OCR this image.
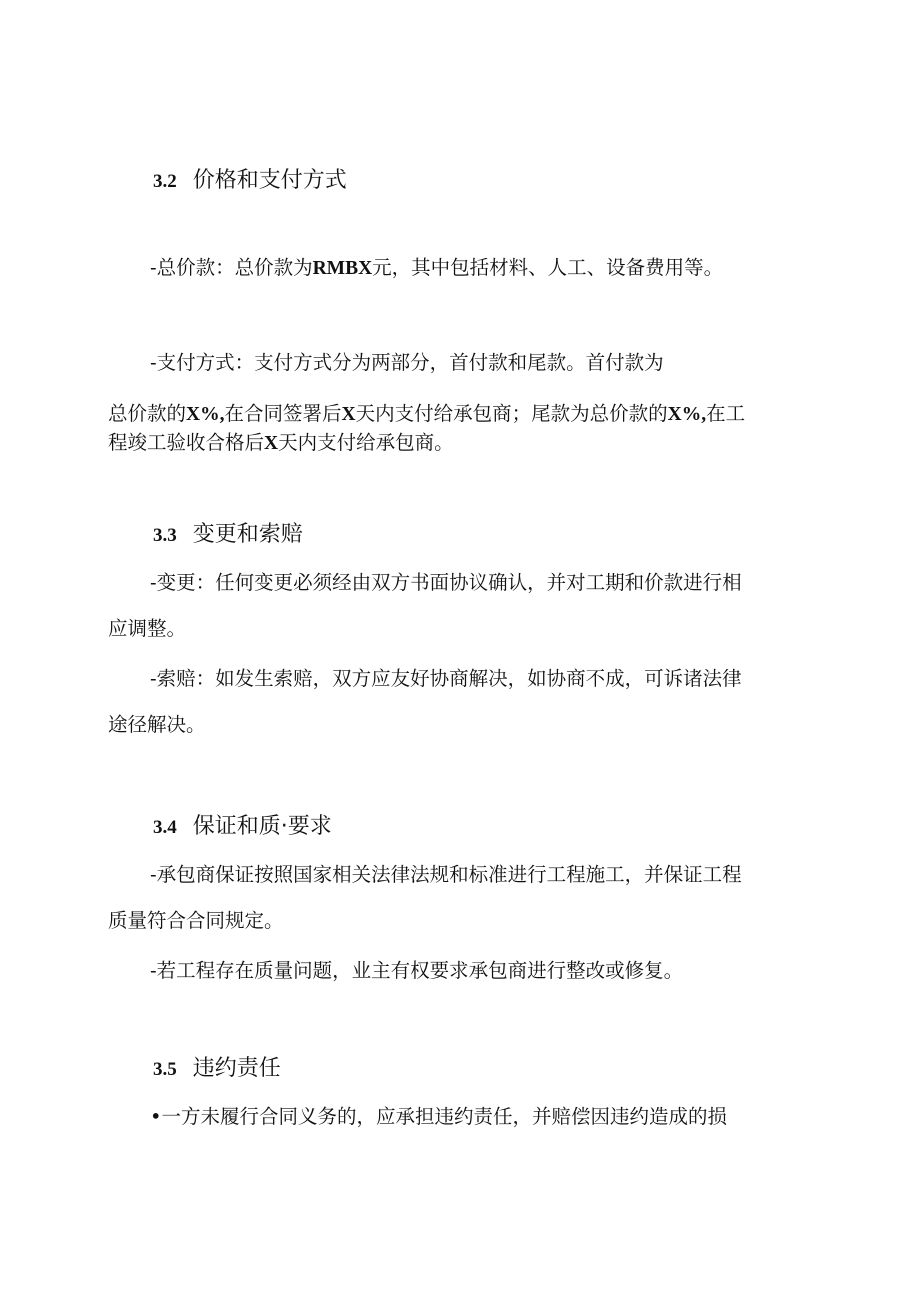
3.2 价格和支付方式
-总价款：总价款为RMBX元，其中包括材料、人工、设备费用等。
-支付方式：支付方式分为两部分，首付款和尾款。首付款为
总价款的X%,在合同签署后X天内支付给承包商；尾款为总价款的X%,在工
程竣工验收合格后X天内支付给承包商。
3.3 变更和索赔
-变更：任何变更必须经由双方书面协议确认，并对工期和价款进行相
应调整。
-索赔：如发生索赔，双方应友好协商解决，如协商不成，可诉诸法律
途径解决。
3.4 保证和质·要求
-承包商保证按照国家相关法律法规和标准进行工程施工，并保证工程
质量符合合同规定。
-若工程存在质量问题，业主有权要求承包商进行整改或修复。
3.5 违约责任
•一方未履行合同义务的，应承担违约责任，并赔偿因违约造成的损
